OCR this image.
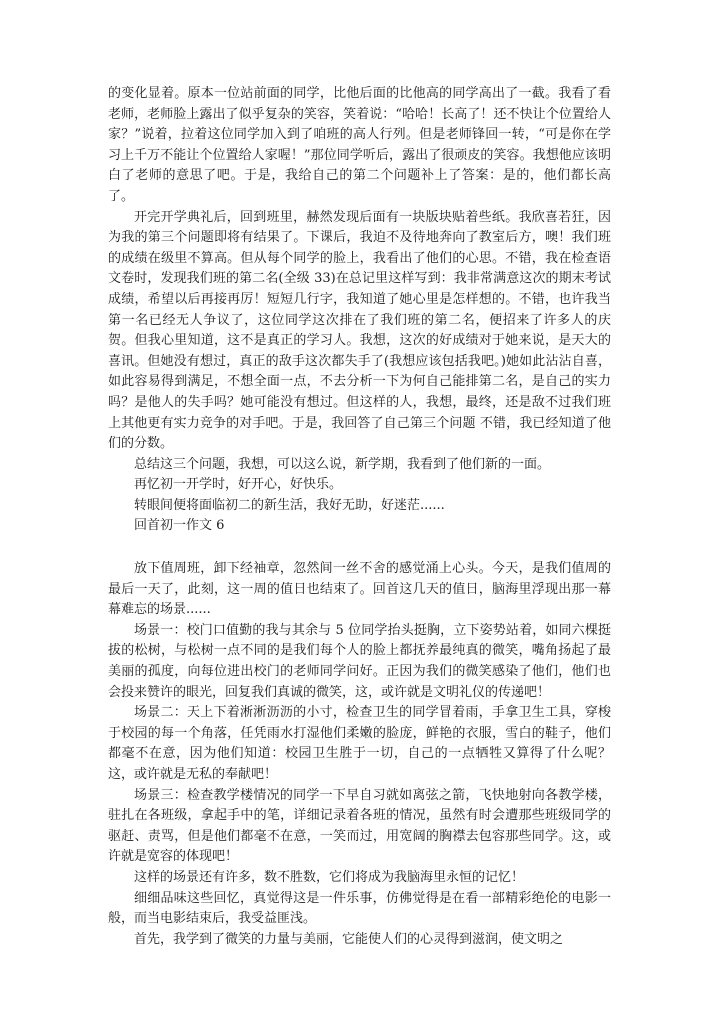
的变化显着。原本一位站前面的同学，比他后面的比他高的同学高出了一截。我看了看老师，老师脸上露出了似乎复杂的笑容，笑着说：“哈哈！长高了！还不快让个位置给人家？”说着，拉着这位同学加入到了咱班的高人行列。但是老师锋回一转，“可是你在学习上千万不能让个位置给人家喔！”那位同学听后，露出了很顽皮的笑容。我想他应该明白了老师的意思了吧。于是，我给自己的第二个问题补上了答案：是的，他们都长高了。

开完开学典礼后，回到班里，赫然发现后面有一块版块贴着些纸。我欣喜若狂，因为我的第三个问题即将有结果了。下课后，我迫不及待地奔向了教室后方，噢！我们班的成绩在级里不算高。但从每个同学的脸上，我看出了他们的心思。不错，我在检查语文卷时，发现我们班的第二名(全级 33)在总记里这样写到：我非常满意这次的期末考试成绩，希望以后再接再厉！短短几行字，我知道了她心里是怎样想的。不错，也许我当第一名已经无人争议了，这位同学这次排在了我们班的第二名，便招来了许多人的庆贺。但我心里知道，这不是真正的学习人。我想，这次的好成绩对于她来说，是天大的喜讯。但她没有想过，真正的敌手这次都失手了(我想应该包括我吧。)她如此沾沾自喜，如此容易得到满足，不想全面一点，不去分析一下为何自己能排第二名，是自己的实力吗？是他人的失手吗？她可能没有想过。但这样的人，我想，最终，还是敌不过我们班上其他更有实力竞争的对手吧。于是，我回答了自己第三个问题 不错，我已经知道了他们的分数。

总结这三个问题，我想，可以这么说，新学期，我看到了他们新的一面。

再忆初一开学时，好开心，好快乐。

转眼间便将面临初二的新生活，我好无助，好迷茫......

回首初一作文 6

放下值周班，卸下经袖章，忽然间一丝不舍的感觉涌上心头。今天，是我们值周的最后一天了，此刻，这一周的值日也结束了。回首这几天的值日，脑海里浮现出那一幕幕难忘的场景......

场景一：校门口值勤的我与其余与 5 位同学抬头挺胸，立下姿势站着，如同六棵挺拔的松树，与松树一点不同的是我们每个人的脸上都抚养最纯真的微笑，嘴角扬起了最美丽的孤度，向每位进出校门的老师同学问好。正因为我们的微笑感染了他们，他们也会投来赞许的眼光，回复我们真诚的微笑，这，或许就是文明礼仪的传递吧！

场景二：天上下着淅淅沥沥的小寸，检查卫生的同学冒着雨，手拿卫生工具，穿梭于校园的每一个角落，任凭雨水打湿他们柔嫩的脸庞，鲜艳的衣服，雪白的鞋子，他们都毫不在意，因为他们知道：校园卫生胜于一切，自己的一点牺牲又算得了什么呢？这，或许就是无私的奉献吧！

场景三：检查教学楼情况的同学一下早自习就如离弦之箭，飞快地射向各教学楼，驻扎在各班级，拿起手中的笔，详细记录着各班的情况，虽然有时会遭那些班级同学的驱赶、责骂，但是他们都毫不在意，一笑而过，用宽阔的胸襟去包容那些同学。这，或许就是宽容的体现吧！

这样的场景还有许多，数不胜数，它们将成为我脑海里永恒的记忆！

细细品味这些回忆，真觉得这是一件乐事，仿佛觉得是在看一部精彩绝伦的电影一般，而当电影结束后，我受益匪浅。

首先，我学到了微笑的力量与美丽，它能使人们的心灵得到滋润，使文明之
